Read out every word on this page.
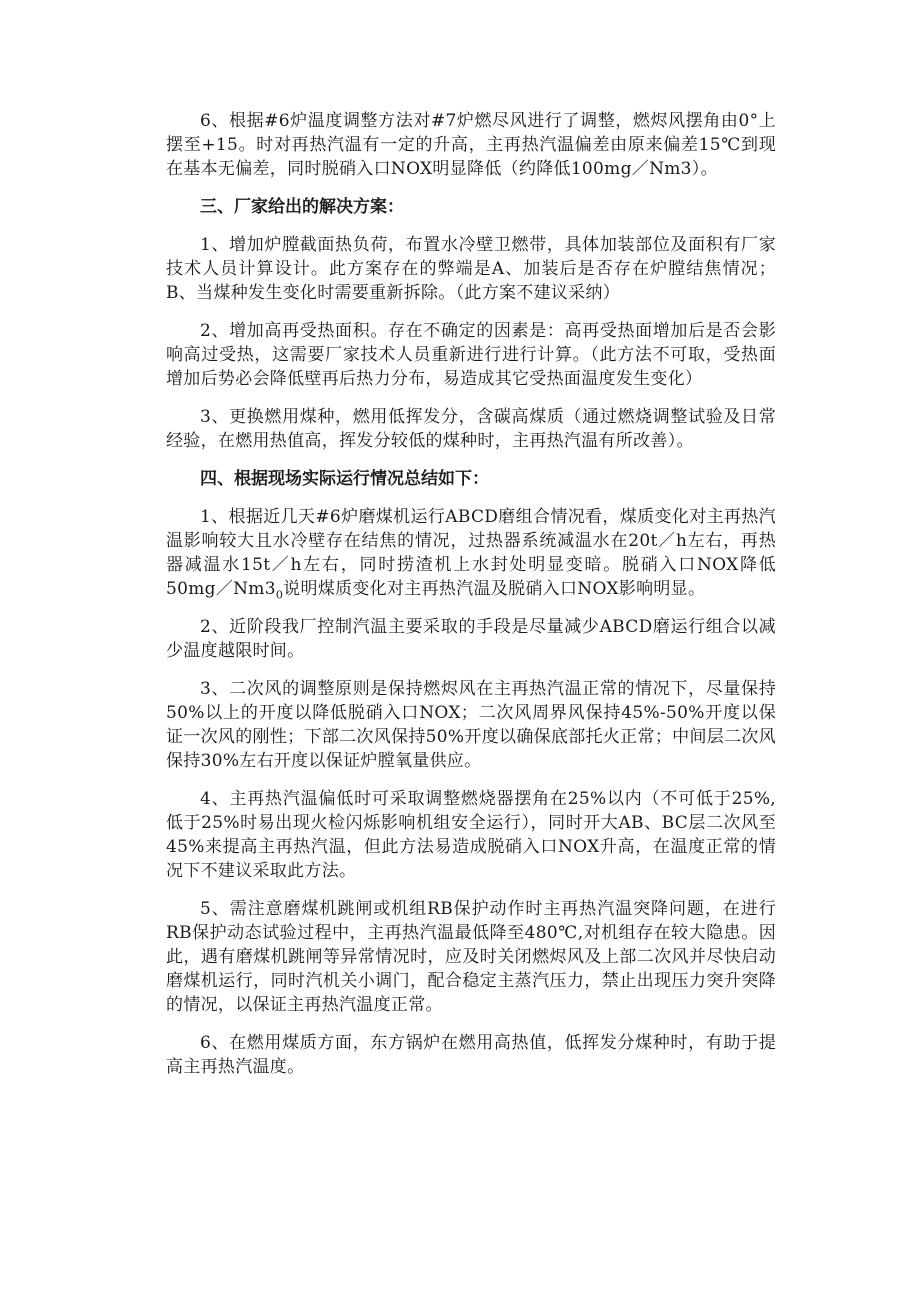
6、根据#6炉温度调整方法对#7炉燃尽风进行了调整，燃烬风摆角由0°上摆至+15。时对再热汽温有一定的升高，主再热汽温偏差由原来偏差15℃到现在基本无偏差，同时脱硝入口NOX明显降低（约降低100mg／Nm3）。

三、厂家给出的解决方案：

1、增加炉膛截面热负荷，布置水冷壁卫燃带，具体加装部位及面积有厂家技术人员计算设计。此方案存在的弊端是A、加装后是否存在炉膛结焦情况；B、当煤种发生变化时需要重新拆除。（此方案不建议采纳）

2、增加高再受热面积。存在不确定的因素是：高再受热面增加后是否会影响高过受热，这需要厂家技术人员重新进行进行计算。（此方法不可取，受热面增加后势必会降低壁再后热力分布，易造成其它受热面温度发生变化）

3、更换燃用煤种，燃用低挥发分，含碳高煤质（通过燃烧调整试验及日常经验，在燃用热值高，挥发分较低的煤种时，主再热汽温有所改善）。

四、根据现场实际运行情况总结如下：

1、根据近几天#6炉磨煤机运行ABCD磨组合情况看，煤质变化对主再热汽温影响较大且水冷壁存在结焦的情况，过热器系统减温水在20t／h左右，再热器减温水15t／h左右，同时捞渣机上水封处明显变暗。脱硝入口NOX降低$50mg/Nm3_0$说明煤质变化对主再热汽温及脱硝入口NOX影响明显。

2、近阶段我厂控制汽温主要采取的手段是尽量减少ABCD磨运行组合以减少温度越限时间。

3、二次风的调整原则是保持燃烬风在主再热汽温正常的情况下，尽量保持50%以上的开度以降低脱硝入口NOX；二次风周界风保持45%-50%开度以保证一次风的刚性；下部二次风保持50%开度以确保底部托火正常；中间层二次风保持30%左右开度以保证炉膛氧量供应。

4、主再热汽温偏低时可采取调整燃烧器摆角在25%以内（不可低于25%,低于25%时易出现火检闪烁影响机组安全运行），同时开大AB、BC层二次风至45%来提高主再热汽温，但此方法易造成脱硝入口NOX升高，在温度正常的情况下不建议采取此方法。

5、需注意磨煤机跳闸或机组RB保护动作时主再热汽温突降问题，在进行RB保护动态试验过程中，主再热汽温最低降至480℃,对机组存在较大隐患。因此，遇有磨煤机跳闸等异常情况时，应及时关闭燃烬风及上部二次风并尽快启动磨煤机运行，同时汽机关小调门，配合稳定主蒸汽压力，禁止出现压力突升突降的情况，以保证主再热汽温度正常。

6、在燃用煤质方面，东方锅炉在燃用高热值，低挥发分煤种时，有助于提高主再热汽温度。
